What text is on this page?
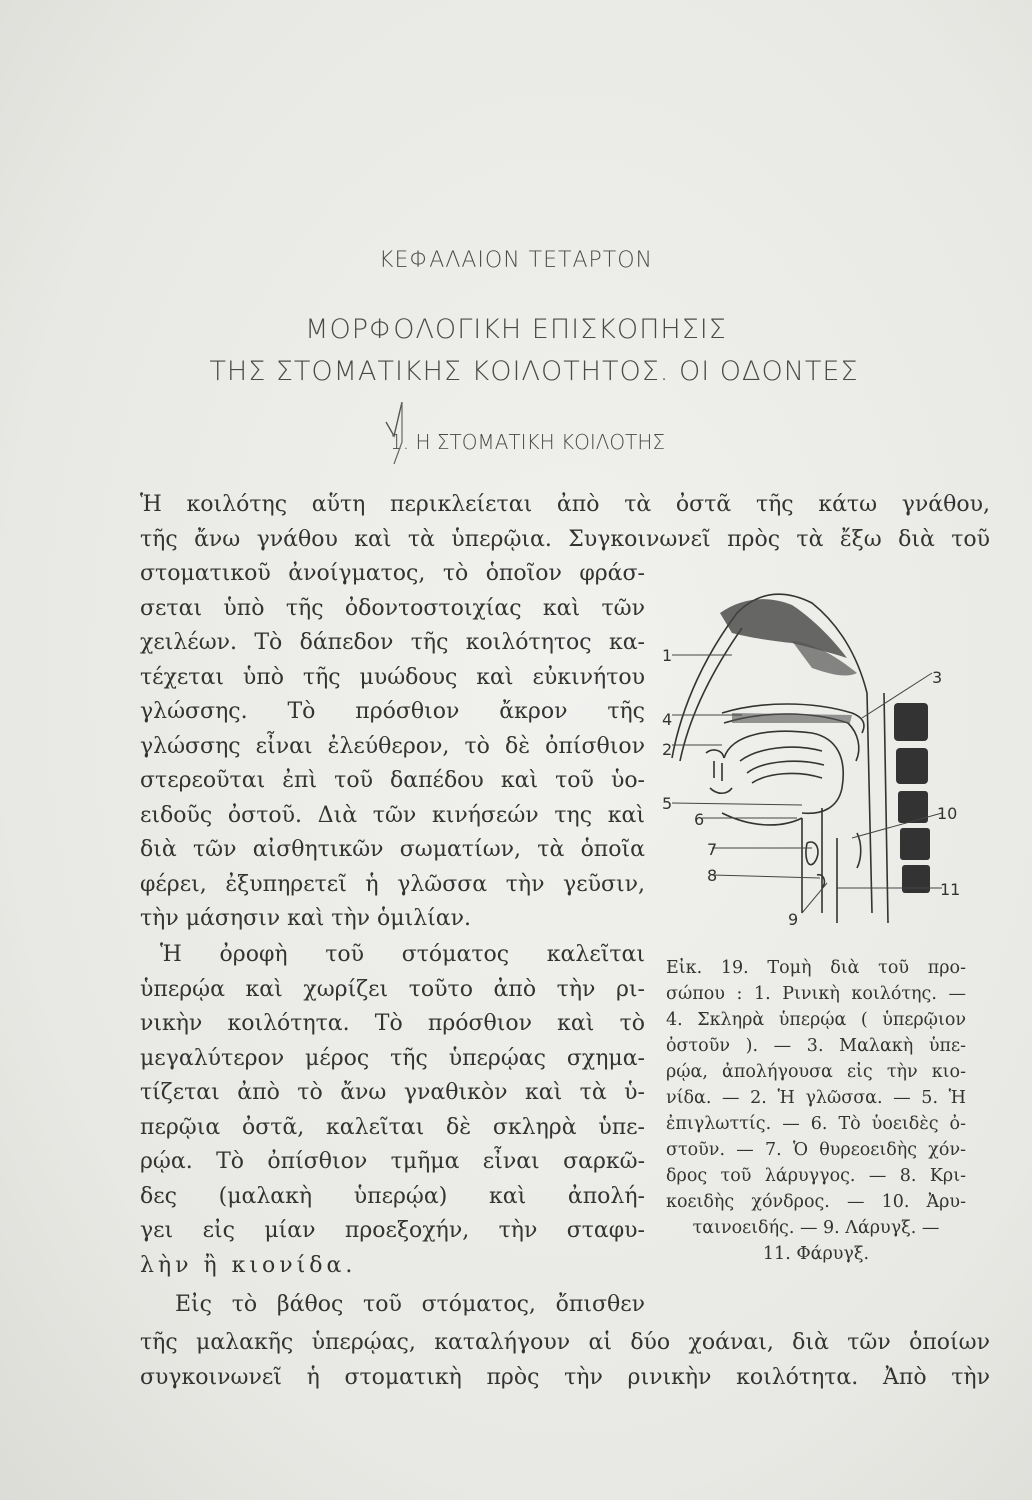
ΚΕΦΑΛΑΙΟΝ ΤΕΤΑΡΤΟΝ
ΜΟΡΦΟΛΟΓΙΚΗ ΕΠΙΣΚΟΠΗΣΙΣ
ΤΗΣ ΣΤΟΜΑΤΙΚΗΣ ΚΟΙΛΟΤΗΤΟΣ. ΟΙ ΟΔΟΝΤΕΣ
1. Η ΣΤΟΜΑΤΙΚΗ ΚΟΙΛΟΤΗΣ
Ἡ κοιλότης αὕτη περικλείεται ἀπὸ τὰ ὀστᾶ τῆς κάτω γνάθου,
τῆς ἄνω γνάθου καὶ τὰ ὑπερῷια. Συγκοινωνεῖ πρὸς τὰ ἔξω διὰ τοῦ
στοματικοῦ ἀνοίγματος, τὸ ὁποῖον φράσ-
σεται ὑπὸ τῆς ὀδοντοστοιχίας καὶ τῶν
χειλέων. Τὸ δάπεδον τῆς κοιλότητος κα-
τέχεται ὑπὸ τῆς μυώδους καὶ εὐκινήτου
γλώσσης. Τὸ πρόσθιον ἄκρον τῆς
γλώσσης εἶναι ἐλεύθερον, τὸ δὲ ὀπίσθιον
στερεοῦται ἐπὶ τοῦ δαπέδου καὶ τοῦ ὑο-
ειδοῦς ὀστοῦ. Διὰ τῶν κινήσεών της καὶ
διὰ τῶν αἰσθητικῶν σωματίων, τὰ ὁποῖα
φέρει, ἐξυπηρετεῖ ἡ γλῶσσα τὴν γεῦσιν,
τὴν μάσησιν καὶ τὴν ὁμιλίαν.
Ἡ ὀροφὴ τοῦ στόματος καλεῖται
ὑπερῴα καὶ χωρίζει τοῦτο ἀπὸ τὴν ρι-
νικὴν κοιλότητα. Τὸ πρόσθιον καὶ τὸ
μεγαλύτερον μέρος τῆς ὑπερῴας σχημα-
τίζεται ἀπὸ τὸ ἄνω γναθικὸν καὶ τὰ ὑ-
περῷια ὀστᾶ, καλεῖται δὲ σκληρὰ ὑπε-
ρῴα. Τὸ ὀπίσθιον τμῆμα εἶναι σαρκῶ-
δες (μαλακὴ ὑπερῴα) καὶ ἀπολή-
γει εἰς μίαν προεξοχήν, τὴν σταφυ-
λὴν ἢ κιονίδα.
Εἰς τὸ βάθος τοῦ στόματος, ὄπισθεν
τῆς μαλακῆς ὑπερῴας, καταλήγουν αἱ δύο χοάναι, διὰ τῶν ὁποίων
συγκοινωνεῖ ἡ στοματικὴ πρὸς τὴν ρινικὴν κοιλότητα. Ἀπὸ τὴν
1
2
3
4
5
6
7
8
9
10
11
Εἰκ. 19. Τομὴ διὰ τοῦ προ-
σώπου : 1. Ρινικὴ κοιλότης. —
4. Σκληρὰ ὑπερῴα ( ὑπερῷιον
ὀστοῦν ). — 3. Μαλακὴ ὑπε-
ρῴα, ἀπολήγουσα εἰς τὴν κιο-
νίδα. — 2. Ἡ γλῶσσα. — 5. Ἡ
ἐπιγλωττίς. — 6. Τὸ ὑοειδὲς ὀ-
στοῦν. — 7. Ὁ θυρεοειδὴς χόν-
δρος τοῦ λάρυγγος. — 8. Κρι-
κοειδὴς χόνδρος. — 10. Ἀρυ-
ταινοειδής. — 9. Λάρυγξ. —
11. Φάρυγξ.
